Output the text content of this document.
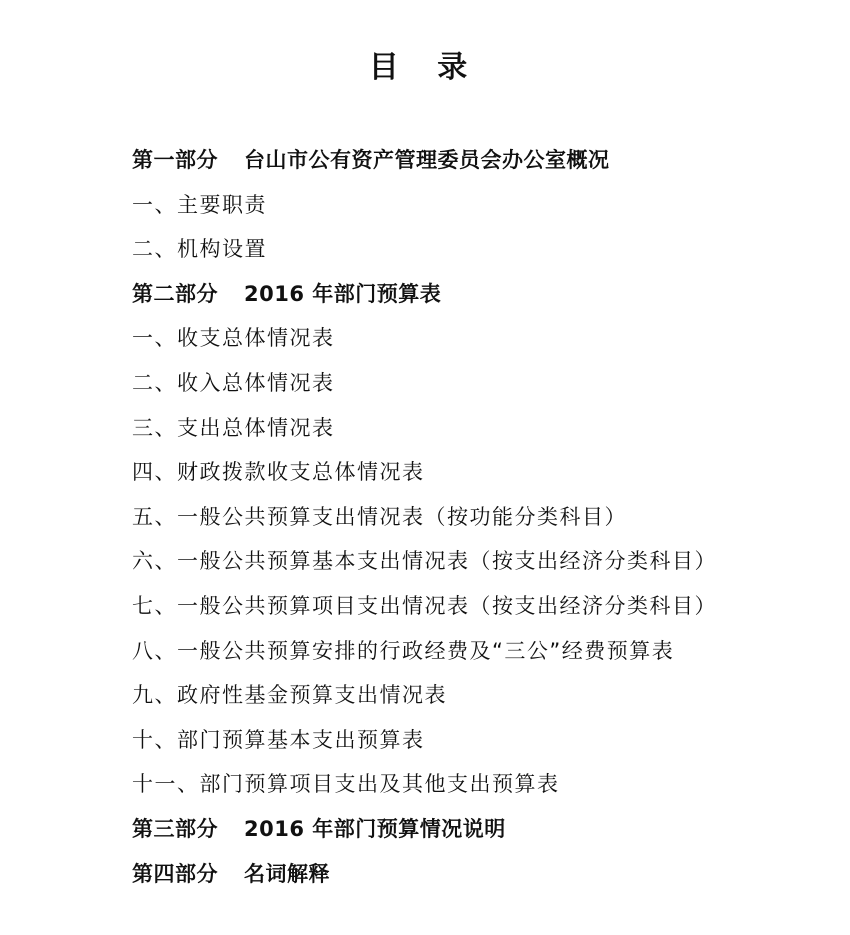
目 录
第一部分 台山市公有资产管理委员会办公室概况
一、主要职责
二、机构设置
第二部分 2016 年部门预算表
一、收支总体情况表
二、收入总体情况表
三、支出总体情况表
四、财政拨款收支总体情况表
五、一般公共预算支出情况表（按功能分类科目）
六、一般公共预算基本支出情况表（按支出经济分类科目）
七、一般公共预算项目支出情况表（按支出经济分类科目）
八、一般公共预算安排的行政经费及“三公”经费预算表
九、政府性基金预算支出情况表
十、部门预算基本支出预算表
十一、部门预算项目支出及其他支出预算表
第三部分 2016 年部门预算情况说明
第四部分 名词解释
